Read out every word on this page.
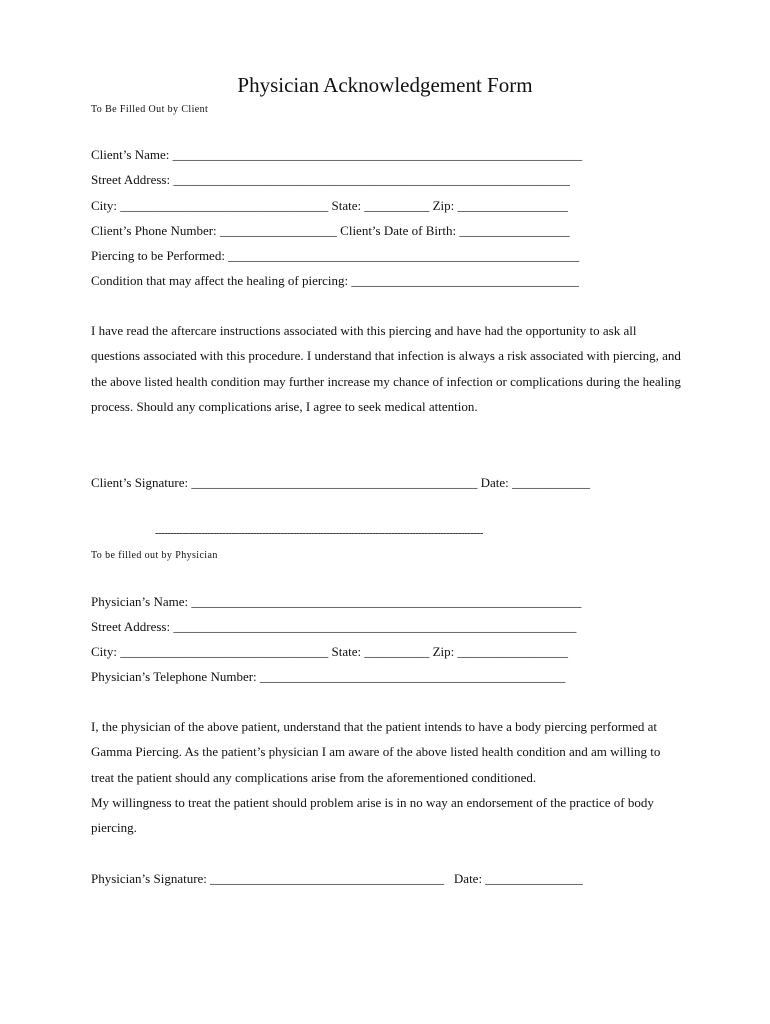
Physician Acknowledgement Form
To Be Filled Out by Client
Client’s Name: _______________________________________________________________
Street Address: _____________________________________________________________
City: ________________________________ State: __________ Zip: _________________
Client’s Phone Number: __________________ Client’s Date of Birth: _________________
Piercing to be Performed: ______________________________________________________
Condition that may affect the healing of piercing: ___________________________________

I have read the aftercare instructions associated with this piercing and have had the opportunity to ask all questions associated with this procedure. I understand that infection is always a risk associated with piercing, and the above listed health condition may further increase my chance of infection or complications during the healing process. Should any complications arise, I agree to seek medical attention.

Client’s Signature: ____________________________________________ Date: ____________
-----------------------------------------------------------------------------------------------------------
To be filled out by Physician
Physician’s Name: ____________________________________________________________
Street Address: ______________________________________________________________
City: ________________________________ State: __________ Zip: _________________
Physician’s Telephone Number: _______________________________________________

I, the physician of the above patient, understand that the patient intends to have a body piercing performed at Gamma Piercing. As the patient’s physician I am aware of the above listed health condition and am willing to treat the patient should any complications arise from the aforementioned conditioned.

My willingness to treat the patient should problem arise is in no way an endorsement of the practice of body piercing.

Physician’s Signature: ____________________________________   Date: _______________
